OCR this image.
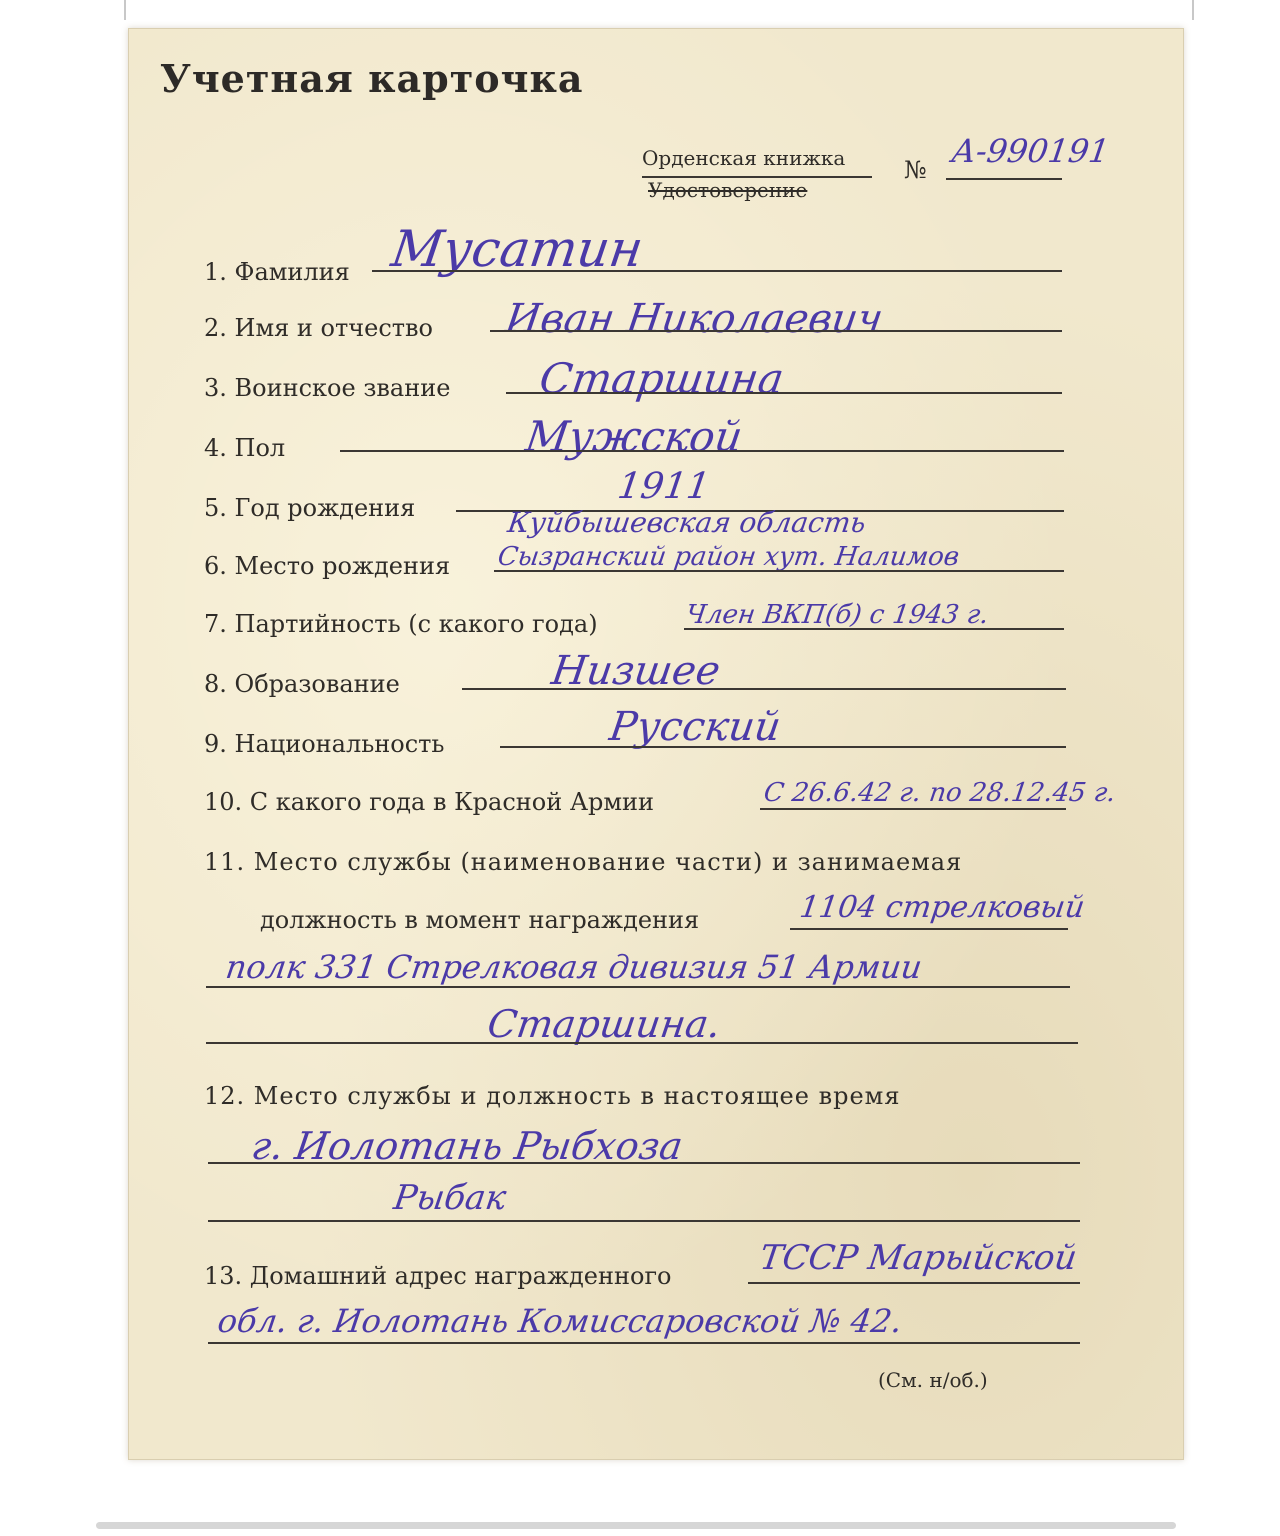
Учетная карточка
Орденская книжка
Удостоверение
№ А-990191
1. Фамилия Мусатин
2. Имя и отчество Иван Николаевич
3. Воинское звание Старшина
4. Пол	Мужской
5. Год рождения
1911
6. Место рождения
Куйбышевская область
Сызранский район хут. Налимов
7. Партийность (с какого года)	Член ВКП(б) с 1943 г.
8. Образование	Низшее
9. Национальность	Русский
10. С какого года в Красной Армии	С 26.6.42 г. по 28.12.45 г.
11. Место службы (наименование части) и занимаемая
должность в момент награждения	1104 стрелковый
полк 331 Стрелковая дивизия 51 Армии
Старшина.
12. Место службы и должность в настоящее время
г. Иолотань Рыбхоза
Рыбак
13. Домашний адрес награжденного	ТССР Марыйской
обл. г. Иолотань Комиссаровской № 42.
(См. н/об.)
